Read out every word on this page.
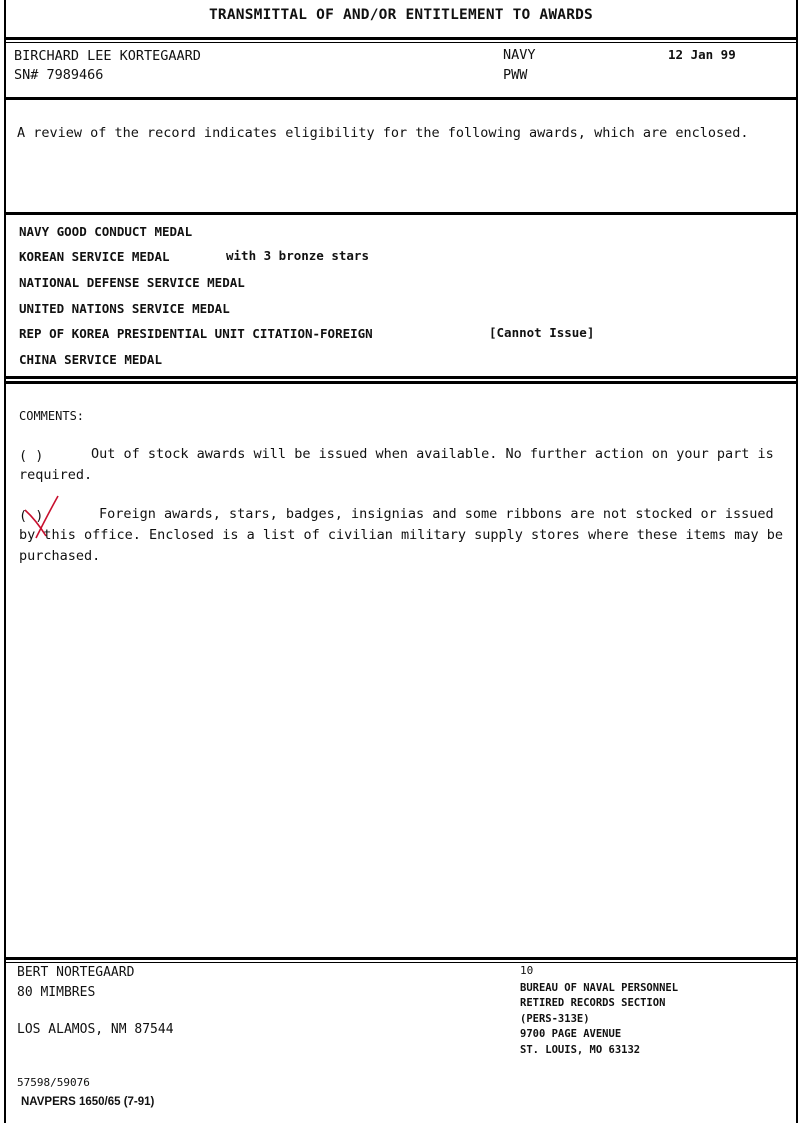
TRANSMITTAL OF AND/OR ENTITLEMENT TO AWARDS
BIRCHARD LEE KORTEGAARD
SN# 7989466
NAVY
PWW
12 Jan 99
A review of the record indicates eligibility for the following awards, which are enclosed.
NAVY GOOD CONDUCT MEDAL
KOREAN SERVICE MEDAL	with 3 bronze stars
NATIONAL DEFENSE SERVICE MEDAL
UNITED NATIONS SERVICE MEDAL
REP OF KOREA PRESIDENTIAL UNIT CITATION-FOREIGN	[Cannot Issue]
CHINA SERVICE MEDAL
COMMENTS:
( )	Out of stock awards will be issued when available. No further action on your part is required.
( )	Foreign awards, stars, badges, insignias and some ribbons are not stocked or issued by this office. Enclosed is a list of civilian military supply stores where these items may be purchased.
BERT NORTEGAARD
80 MIMBRES
LOS ALAMOS, NM 87544
10
BUREAU OF NAVAL PERSONNEL
RETIRED RECORDS SECTION
(PERS-313E)
9700 PAGE AVENUE
ST. LOUIS, MO 63132
57598/59076
NAVPERS 1650/65 (7-91)
